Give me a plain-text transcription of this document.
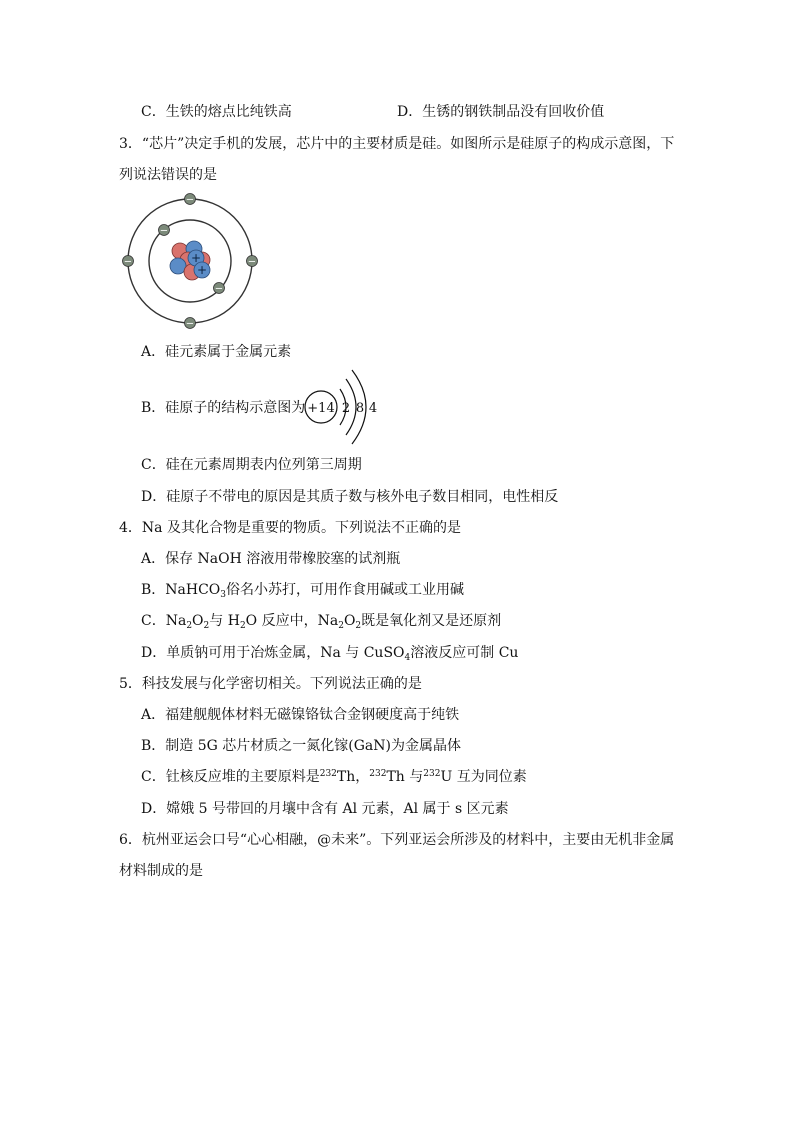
C．生铁的熔点比纯铁高	D．生锈的钢铁制品没有回收价值
3．“芯片”决定手机的发展，芯片中的主要材质是硅。如图所示是硅原子的构成示意图，下
列说法错误的是
+
+
−
−	−
−
−
−
A．硅元素属于金属元素
B．硅原子的结构示意图为 +14 2 8 4
C．硅在元素周期表内位列第三周期
D．硅原子不带电的原因是其质子数与核外电子数目相同，电性相反
4．Na 及其化合物是重要的物质。下列说法不正确的是
A．保存 NaOH 溶液用带橡胶塞的试剂瓶
B．NaHCO$_3$俗名小苏打，可用作食用碱或工业用碱
C．$Na_2O_2$与 $H_2O$ 反应中，$Na_2O_2$既是氧化剂又是还原剂
D．单质钠可用于冶炼金属，Na 与 CuSO$_4$溶液反应可制 Cu
5．科技发展与化学密切相关。下列说法正确的是
A．福建舰舰体材料无磁镍铬钛合金钢硬度高于纯铁
B．制造 5G 芯片材质之一氮化镓(GaN)为金属晶体
C．钍核反应堆的主要原料是$^{232}$Th，$^{232}$Th 与$^{232}$U 互为同位素
D．嫦娥 5 号带回的月壤中含有 Al 元素，Al 属于 s 区元素
6．杭州亚运会口号“心心相融，@未来”。下列亚运会所涉及的材料中，主要由无机非金属
材料制成的是
